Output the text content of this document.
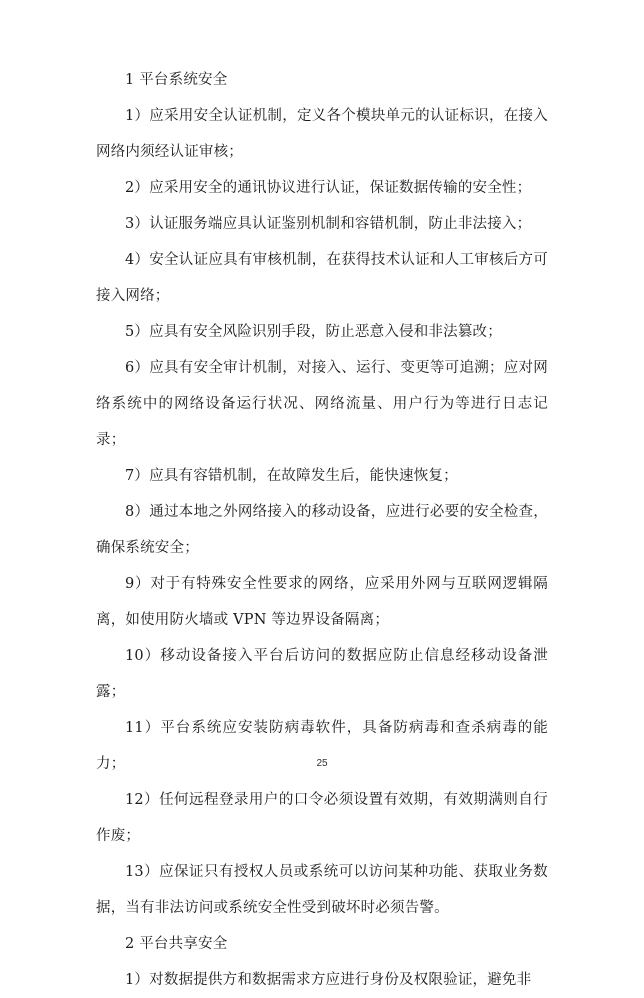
1 平台系统安全
1）应采用安全认证机制，定义各个模块单元的认证标识，在接入网络内须经认证审核；
2）应采用安全的通讯协议进行认证，保证数据传输的安全性；
3）认证服务端应具认证鉴别机制和容错机制，防止非法接入；
4）安全认证应具有审核机制，在获得技术认证和人工审核后方可接入网络；
5）应具有安全风险识别手段，防止恶意入侵和非法篡改；
6）应具有安全审计机制，对接入、运行、变更等可追溯；应对网络系统中的网络设备运行状况、网络流量、用户行为等进行日志记录；
7）应具有容错机制，在故障发生后，能快速恢复；
8）通过本地之外网络接入的移动设备，应进行必要的安全检查，确保系统安全；
9）对于有特殊安全性要求的网络，应采用外网与互联网逻辑隔离，如使用防火墙或 VPN 等边界设备隔离；
10）移动设备接入平台后访问的数据应防止信息经移动设备泄露；
11）平台系统应安装防病毒软件，具备防病毒和查杀病毒的能力；
12）任何远程登录用户的口令必须设置有效期，有效期满则自行作废；
13）应保证只有授权人员或系统可以访问某种功能、获取业务数据，当有非法访问或系统安全性受到破坏时必须告警。
2 平台共享安全
1）对数据提供方和数据需求方应进行身份及权限验证，避免非
25
